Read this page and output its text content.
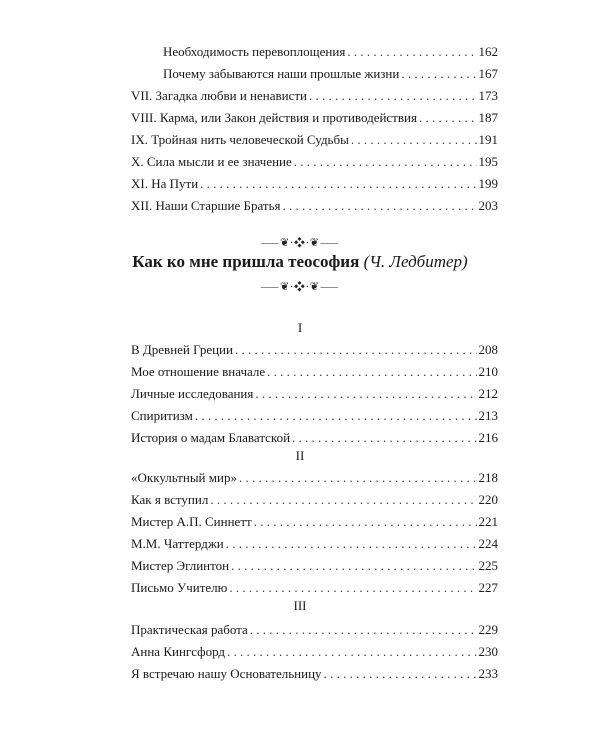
Необходимость перевоплощения . . .	162
Почему забываются наши прошлые жизни . . .	167
VII. Загадка любви и ненависти . . .	173
VIII. Карма, или Закон действия и противодействия . . .	187
IX. Тройная нить человеческой Судьбы . . .	191
X. Сила мысли и ее значение . . .	195
XI. На Пути . . .	199
XII. Наши Старшие Братья . . .	203
⸺❦∙❖∙❦⸺
Как ко мне пришла теософия (Ч. Ледбитер)
⸺❦∙❖∙❦⸺
I
В Древней Греции . . .	208
Мое отношение вначале . . .	210
Личные исследования . . .	212
Спиритизм . . .	213
История о мадам Блаватской . . .	216
II
«Оккультный мир» . . .	218
Как я вступил . . .	220
Мистер А.П. Синнетт . . .	221
М.М. Чаттерджи . . .	224
Мистер Эглинтон . . .	225
Письмо Учителю . . .	227
III
Практическая работа . . .	229
Анна Кингсфорд . . .	230
Я встречаю нашу Основательницу . . .	233
